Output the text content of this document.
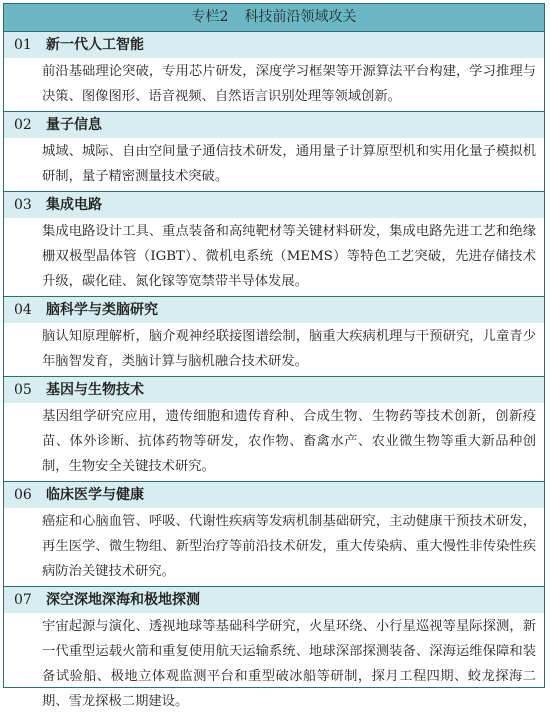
专栏2 科技前沿领域攻关
01 新一代人工智能
前沿基础理论突破，专用芯片研发，深度学习框架等开源算法平台构建，学习推理与决策、图像图形、语音视频、自然语言识别处理等领域创新。
02 量子信息
城域、城际、自由空间量子通信技术研发，通用量子计算原型机和实用化量子模拟机研制，量子精密测量技术突破。
03 集成电路
集成电路设计工具、重点装备和高纯靶材等关键材料研发，集成电路先进工艺和绝缘栅双极型晶体管（IGBT）、微机电系统（MEMS）等特色工艺突破，先进存储技术升级，碳化硅、氮化镓等宽禁带半导体发展。
04 脑科学与类脑研究
脑认知原理解析，脑介观神经联接图谱绘制，脑重大疾病机理与干预研究，儿童青少年脑智发育，类脑计算与脑机融合技术研发。
05 基因与生物技术
基因组学研究应用，遗传细胞和遗传育种、合成生物、生物药等技术创新，创新疫苗、体外诊断、抗体药物等研发，农作物、畜禽水产、农业微生物等重大新品种创制，生物安全关键技术研究。
06 临床医学与健康
癌症和心脑血管、呼吸、代谢性疾病等发病机制基础研究，主动健康干预技术研发，再生医学、微生物组、新型治疗等前沿技术研发，重大传染病、重大慢性非传染性疾病防治关键技术研究。
07 深空深地深海和极地探测
宇宙起源与演化、透视地球等基础科学研究，火星环绕、小行星巡视等星际探测，新一代重型运载火箭和重复使用航天运输系统、地球深部探测装备、深海运维保障和装备试验船、极地立体观监测平台和重型破冰船等研制，探月工程四期、蛟龙探海二期、雪龙探极二期建设。
